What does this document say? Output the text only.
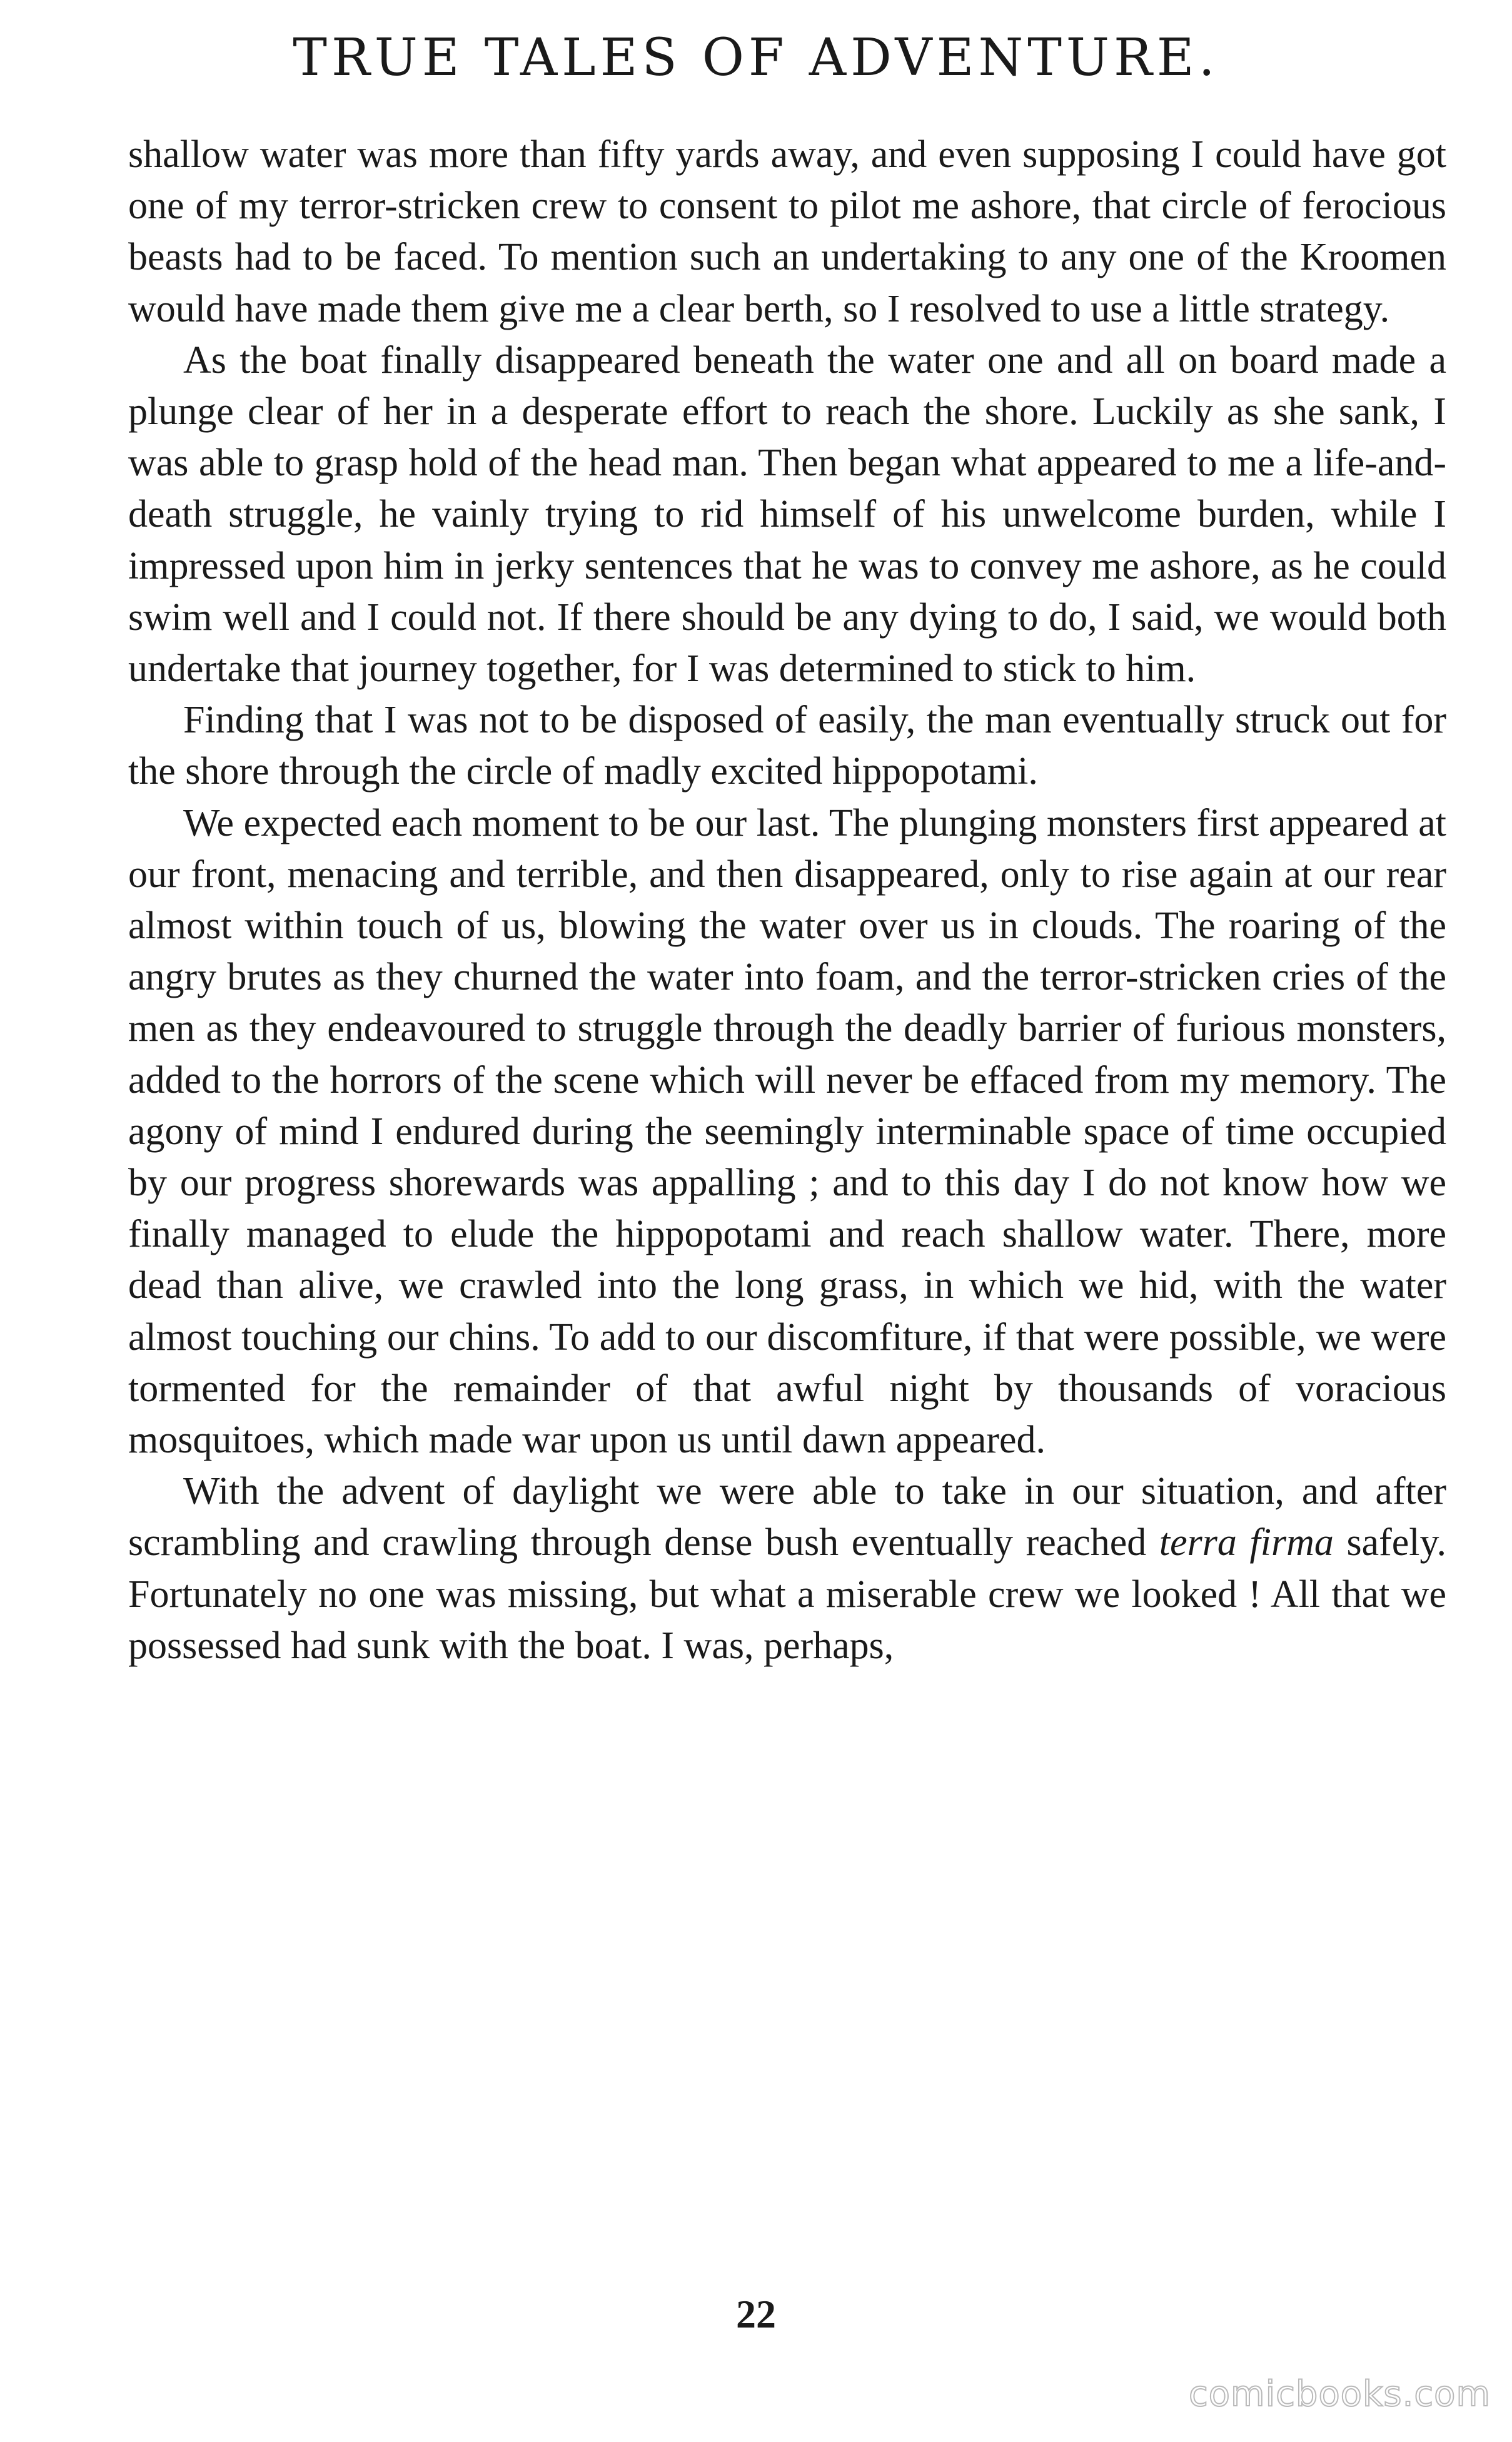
TRUE TALES OF ADVENTURE.

shallow water was more than fifty yards away, and even supposing I could have got one of my terror-stricken crew to consent to pilot me ashore, that circle of ferocious beasts had to be faced. To mention such an undertaking to any one of the Kroomen would have made them give me a clear berth, so I resolved to use a little strategy.

As the boat finally disappeared beneath the water one and all on board made a plunge clear of her in a desperate effort to reach the shore. Luckily as she sank, I was able to grasp hold of the head man. Then began what appeared to me a life-and-death struggle, he vainly trying to rid himself of his unwelcome burden, while I impressed upon him in jerky sentences that he was to convey me ashore, as he could swim well and I could not. If there should be any dying to do, I said, we would both undertake that journey together, for I was determined to stick to him.

Finding that I was not to be disposed of easily, the man eventually struck out for the shore through the circle of madly excited hippopotami.

We expected each moment to be our last. The plunging monsters first appeared at our front, menacing and terrible, and then disappeared, only to rise again at our rear almost within touch of us, blowing the water over us in clouds. The roaring of the angry brutes as they churned the water into foam, and the terror-stricken cries of the men as they endeavoured to struggle through the deadly barrier of furious monsters, added to the horrors of the scene which will never be effaced from my memory. The agony of mind I endured during the seemingly interminable space of time occupied by our progress shorewards was appalling ; and to this day I do not know how we finally managed to elude the hippopotami and reach shallow water. There, more dead than alive, we crawled into the long grass, in which we hid, with the water almost touching our chins. To add to our discomfiture, if that were possible, we were tormented for the remainder of that awful night by thousands of voracious mosquitoes, which made war upon us until dawn appeared.

With the advent of daylight we were able to take in our situation, and after scrambling and crawling through dense bush eventually reached terra firma safely. Fortunately no one was missing, but what a miserable crew we looked ! All that we possessed had sunk with the boat. I was, perhaps,

22
comicbooks.com
